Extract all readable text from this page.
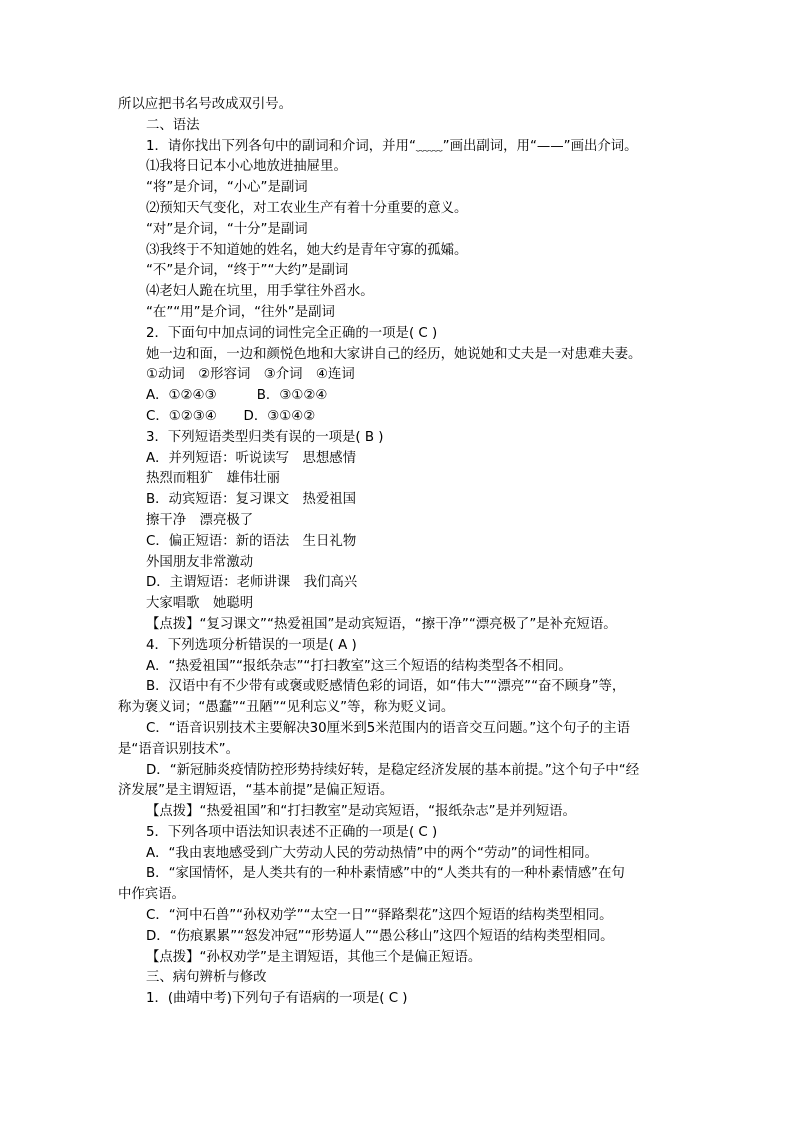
所以应把书名号改成双引号。
二、语法
1．请你找出下列各句中的副词和介词，并用“﹏﹏”画出副词，用“——”画出介词。
⑴我将日记本小心地放进抽屉里。
“将”是介词，“小心”是副词
⑵预知天气变化，对工农业生产有着十分重要的意义。
“对”是介词，“十分”是副词
⑶我终于不知道她的姓名，她大约是青年守寡的孤孀。
“不”是介词，“终于”“大约”是副词
⑷老妇人跪在坑里，用手掌往外舀水。
“在”“用”是介词，“往外”是副词
2．下面句中加点词的词性完全正确的一项是( C )
她一边和面，一边和颜悦色地和大家讲自己的经历，她说她和丈夫是一对患难夫妻。
①动词　②形容词　③介词　④连词
A．①②④③　　　B．③①②④
C．①②③④　　D．③①④②
3．下列短语类型归类有误的一项是( B )
A．并列短语：听说读写　思想感情
热烈而粗犷　雄伟壮丽
B．动宾短语：复习课文　热爱祖国
擦干净　漂亮极了
C．偏正短语：新的语法　生日礼物
外国朋友非常激动
D．主谓短语：老师讲课　我们高兴
大家唱歌　她聪明
【点拨】“复习课文”“热爱祖国”是动宾短语，“擦干净”“漂亮极了”是补充短语。
4．下列选项分析错误的一项是( A )
A．“热爱祖国”“报纸杂志”“打扫教室”这三个短语的结构类型各不相同。
B．汉语中有不少带有或褒或贬感情色彩的词语，如“伟大”“漂亮”“奋不顾身”等，
称为褒义词；“愚蠢”“丑陋”“见利忘义”等，称为贬义词。
C．“语音识别技术主要解决30厘米到5米范围内的语音交互问题。”这个句子的主语
是“语音识别技术”。
D．“新冠肺炎疫情防控形势持续好转，是稳定经济发展的基本前提。”这个句子中“经
济发展”是主谓短语，“基本前提”是偏正短语。
【点拨】“热爱祖国”和“打扫教室”是动宾短语，“报纸杂志”是并列短语。
5．下列各项中语法知识表述不正确的一项是( C )
A．“我由衷地感受到广大劳动人民的劳动热情”中的两个“劳动”的词性相同。
B．“家国情怀，是人类共有的一种朴素情感”中的“人类共有的一种朴素情感”在句
中作宾语。
C．“河中石兽”“孙权劝学”“太空一日”“驿路梨花”这四个短语的结构类型相同。
D．“伤痕累累”“怒发冲冠”“形势逼人”“愚公移山”这四个短语的结构类型相同。
【点拨】“孙权劝学”是主谓短语，其他三个是偏正短语。
三、病句辨析与修改
1．(曲靖中考)下列句子有语病的一项是( C )
